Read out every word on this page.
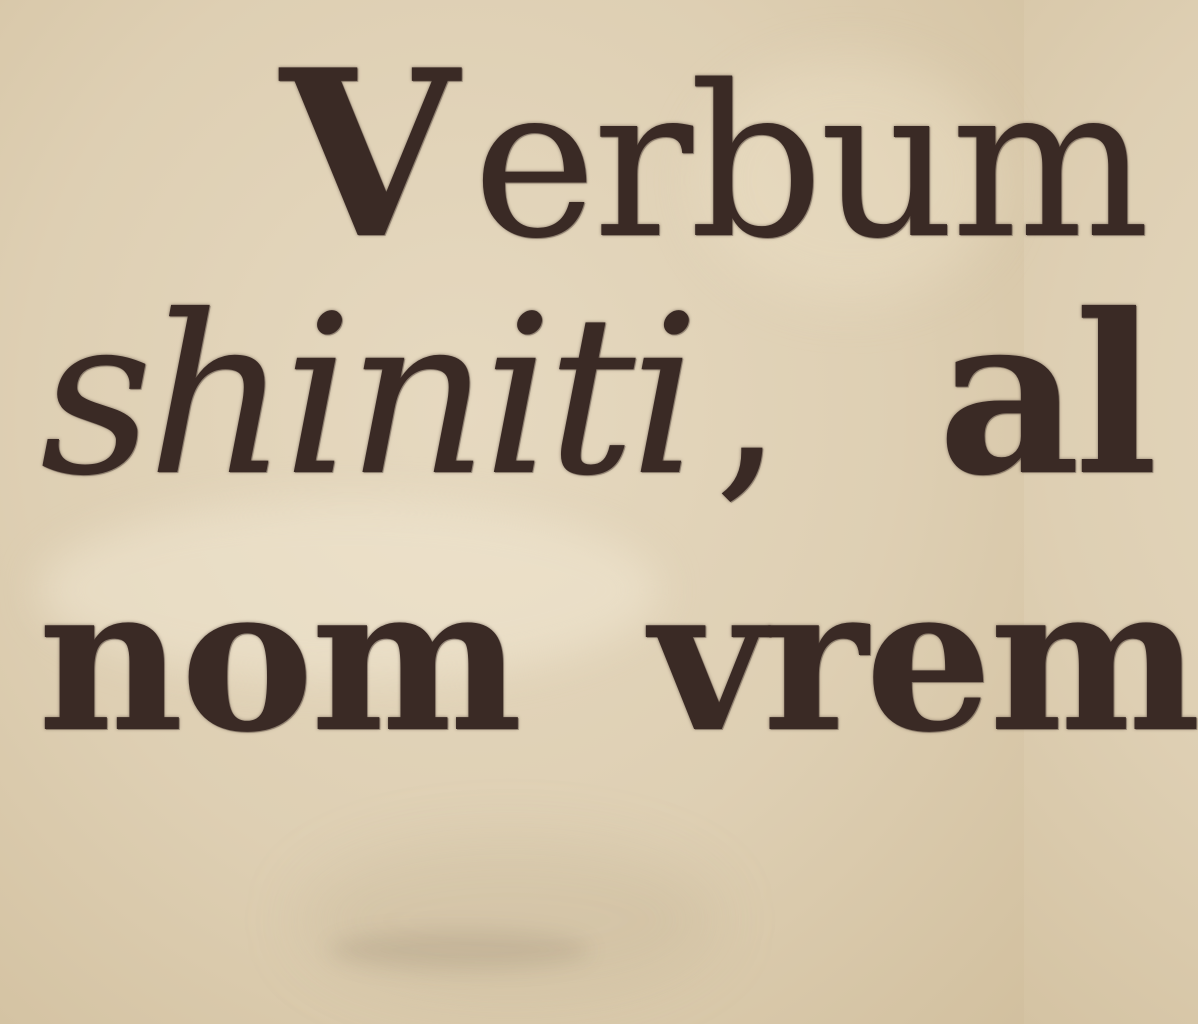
Verbum
shiniti, al
nom vrem
